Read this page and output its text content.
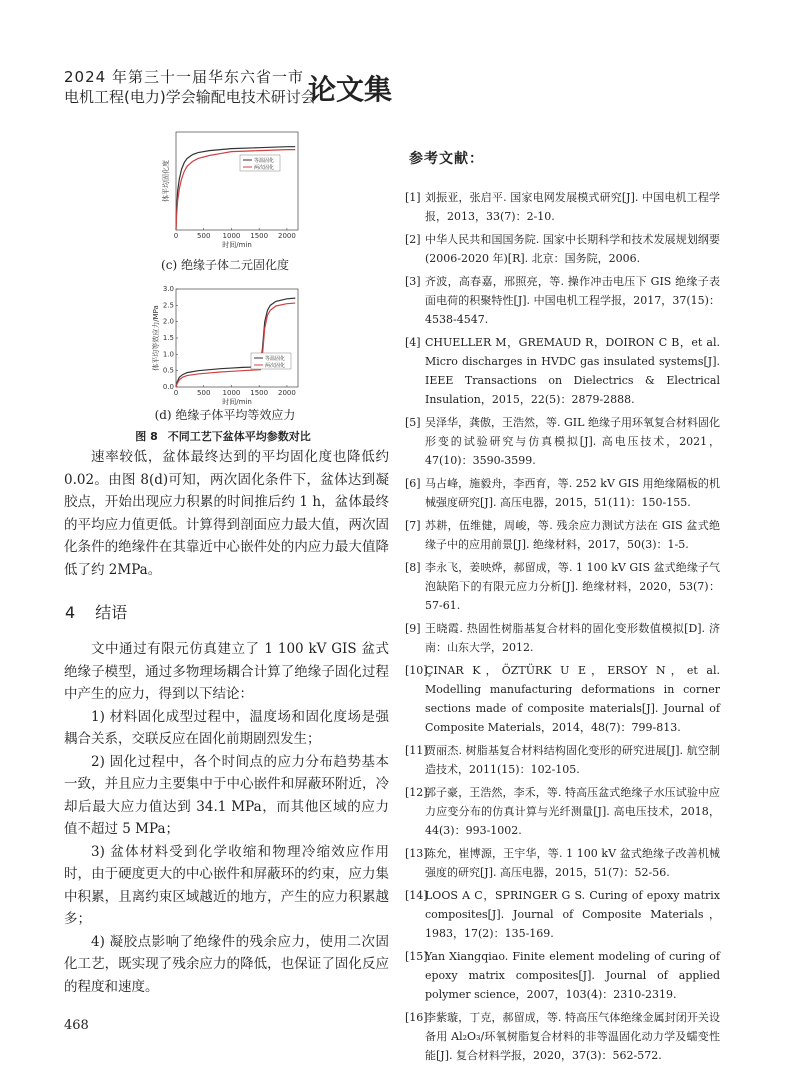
2024 年第三十一届华东六省一市
电机工程(电力)学会输配电技术研讨会
论文集
0	500 1000 1500 2000
时间/min
体平均固化度	等温固化
两次固化
(c) 绝缘子体二元固化度
0	500 1000 1500 2000
0.0
0.5
1.0
1.5
2.0
2.5
3.0
时间/min
体平均等效应力/MPa	等温固化
两次固化
(d) 绝缘子体平均等效应力
图 8 不同工艺下盆体平均参数对比

速率较低，盆体最终达到的平均固化度也降低约 0.02。由图 8(d)可知，两次固化条件下，盆体达到凝胶点，开始出现应力积累的时间推后约 1 h，盆体最终的平均应力值更低。计算得到剖面应力最大值，两次固化条件的绝缘件在其靠近中心嵌件处的内应力最大值降低了约 2MPa。

4 结语

文中通过有限元仿真建立了 1 100 kV GIS 盆式绝缘子模型，通过多物理场耦合计算了绝缘子固化过程中产生的应力，得到以下结论：

1) 材料固化成型过程中，温度场和固化度场是强耦合关系，交联反应在固化前期剧烈发生；

2) 固化过程中，各个时间点的应力分布趋势基本一致，并且应力主要集中于中心嵌件和屏蔽环附近，冷却后最大应力值达到 34.1 MPa，而其他区域的应力值不超过 5 MPa；

3) 盆体材料受到化学收缩和物理冷缩效应作用时，由于硬度更大的中心嵌件和屏蔽环的约束，应力集中积累，且离约束区域越近的地方，产生的应力积累越多；

4) 凝胶点影响了绝缘件的残余应力，使用二次固化工艺，既实现了残余应力的降低，也保证了固化反应的程度和速度。

参考文献：
[1] 刘振亚，张启平. 国家电网发展模式研究[J]. 中国电机工程学报，2013，33(7)：2-10.
[2] 中华人民共和国国务院. 国家中长期科学和技术发展规划纲要(2006-2020 年)[R]. 北京：国务院，2006.
[3] 齐波，高春嘉，邢照亮，等. 操作冲击电压下 GIS 绝缘子表面电荷的积聚特性[J]. 中国电机工程学报，2017，37(15)：4538-4547.
[4] CHUELLER M，GREMAUD R，DOIRON C B，et al. Micro discharges in HVDC gas insulated systems[J]. IEEE Transactions on Dielectrics & Electrical Insulation，2015，22(5)：2879-2888.
[5] 吴泽华，龚傲，王浩然，等. GIL 绝缘子用环氧复合材料固化形变的试验研究与仿真模拟[J]. 高电压技术，2021，47(10)：3590-3599.
[6] 马占峰，施毅舟，李西育，等. 252 kV GIS 用绝缘隔板的机械强度研究[J]. 高压电器，2015，51(11)：150-155.
[7] 苏耕，伍维健，周峻，等. 残余应力测试方法在 GIS 盆式绝缘子中的应用前景[J]. 绝缘材料，2017，50(3)：1-5.
[8] 李永飞，姜映烨，郝留成，等. 1 100 kV GIS 盆式绝缘子气泡缺陷下的有限元应力分析[J]. 绝缘材料，2020，53(7)：57-61.
[9] 王晓霞. 热固性树脂基复合材料的固化变形数值模拟[D]. 济南：山东大学，2012.
[10]
ÇINAR K，ÖZTÜRK U E，ERSOY N，et al. Modelling manufacturing deformations in corner sections made of composite materials[J]. Journal of Composite Materials，2014，48(7)：799-813.
[11]
贾丽杰. 树脂基复合材料结构固化变形的研究进展[J]. 航空制造技术，2011(15)：102-105.
[12]
郭子豪，王浩然，李禾，等. 特高压盆式绝缘子水压试验中应力应变分布的仿真计算与光纤测量[J]. 高电压技术，2018，44(3)：993-1002.
[13]
陈允，崔博源，王宇华，等. 1 100 kV 盆式绝缘子改善机械强度的研究[J]. 高压电器，2015，51(7)：52-56.
[14]
LOOS A C，SPRINGER G S. Curing of epoxy matrix composites[J]. Journal of Composite Materials，1983，17(2)：135-169.
[15]
Yan Xiangqiao. Finite element modeling of curing of epoxy matrix composites[J]. Journal of applied polymer science，2007，103(4)：2310-2319.
[16]
李紫璇，丁克，郝留成，等. 特高压气体绝缘金属封闭开关设备用 Al₂O₃/环氧树脂复合材料的非等温固化动力学及蠕变性能[J]. 复合材料学报，2020，37(3)：562-572.
468
